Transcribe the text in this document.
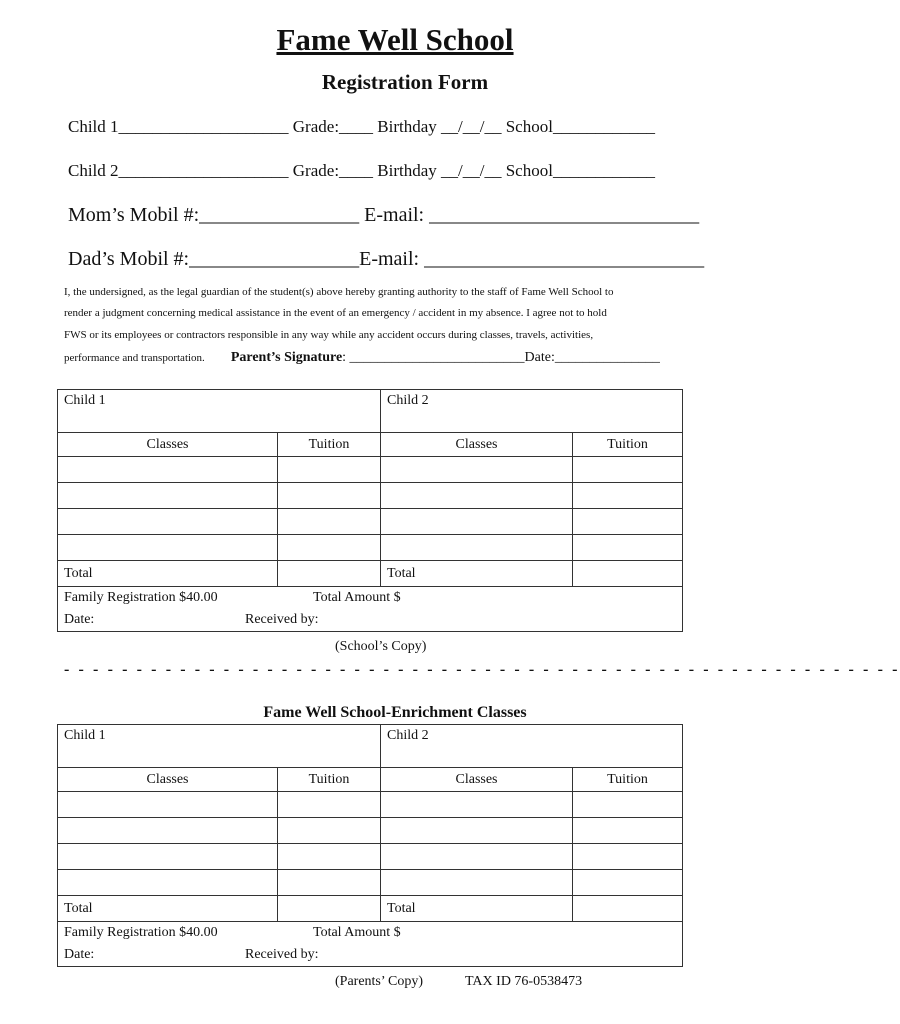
Fame Well School
Registration Form
Child 1____________________ Grade:____ Birthday __/__/__ School____________
Child 2____________________ Grade:____ Birthday __/__/__ School____________
Mom’s Mobil #:________________ E-mail: ___________________________
Dad’s Mobil #:_________________E-mail: ____________________________
I, the undersigned, as the legal guardian of the student(s) above hereby granting authority to the staff of Fame Well School to
render a judgment concerning medical assistance in the event of an emergency / accident in my absence. I agree not to hold
FWS or its employees or contractors responsible in any way while any accident occurs during classes, travels, activities,
performance and transportation. Parent’s Signature: _________________________Date:_______________
Child 1		Child 2	

Classes	Tuition	Classes	Tuition

Total		Total	

Family Registration $40.00 Total Amount $
Date: Received by:			
(School’s Copy)
- - - - - - - - - - - - - - - - - - - - - - - - - - - - - - - - - - - - - - - - - - - - - - - - - - - - - - - - - -
Fame Well School-Enrichment Classes
Child 1		Child 2	

Classes	Tuition	Classes	Tuition

Total		Total	

Family Registration $40.00 Total Amount $
Date: Received by:			
(Parents’ Copy)	TAX ID 76-0538473
